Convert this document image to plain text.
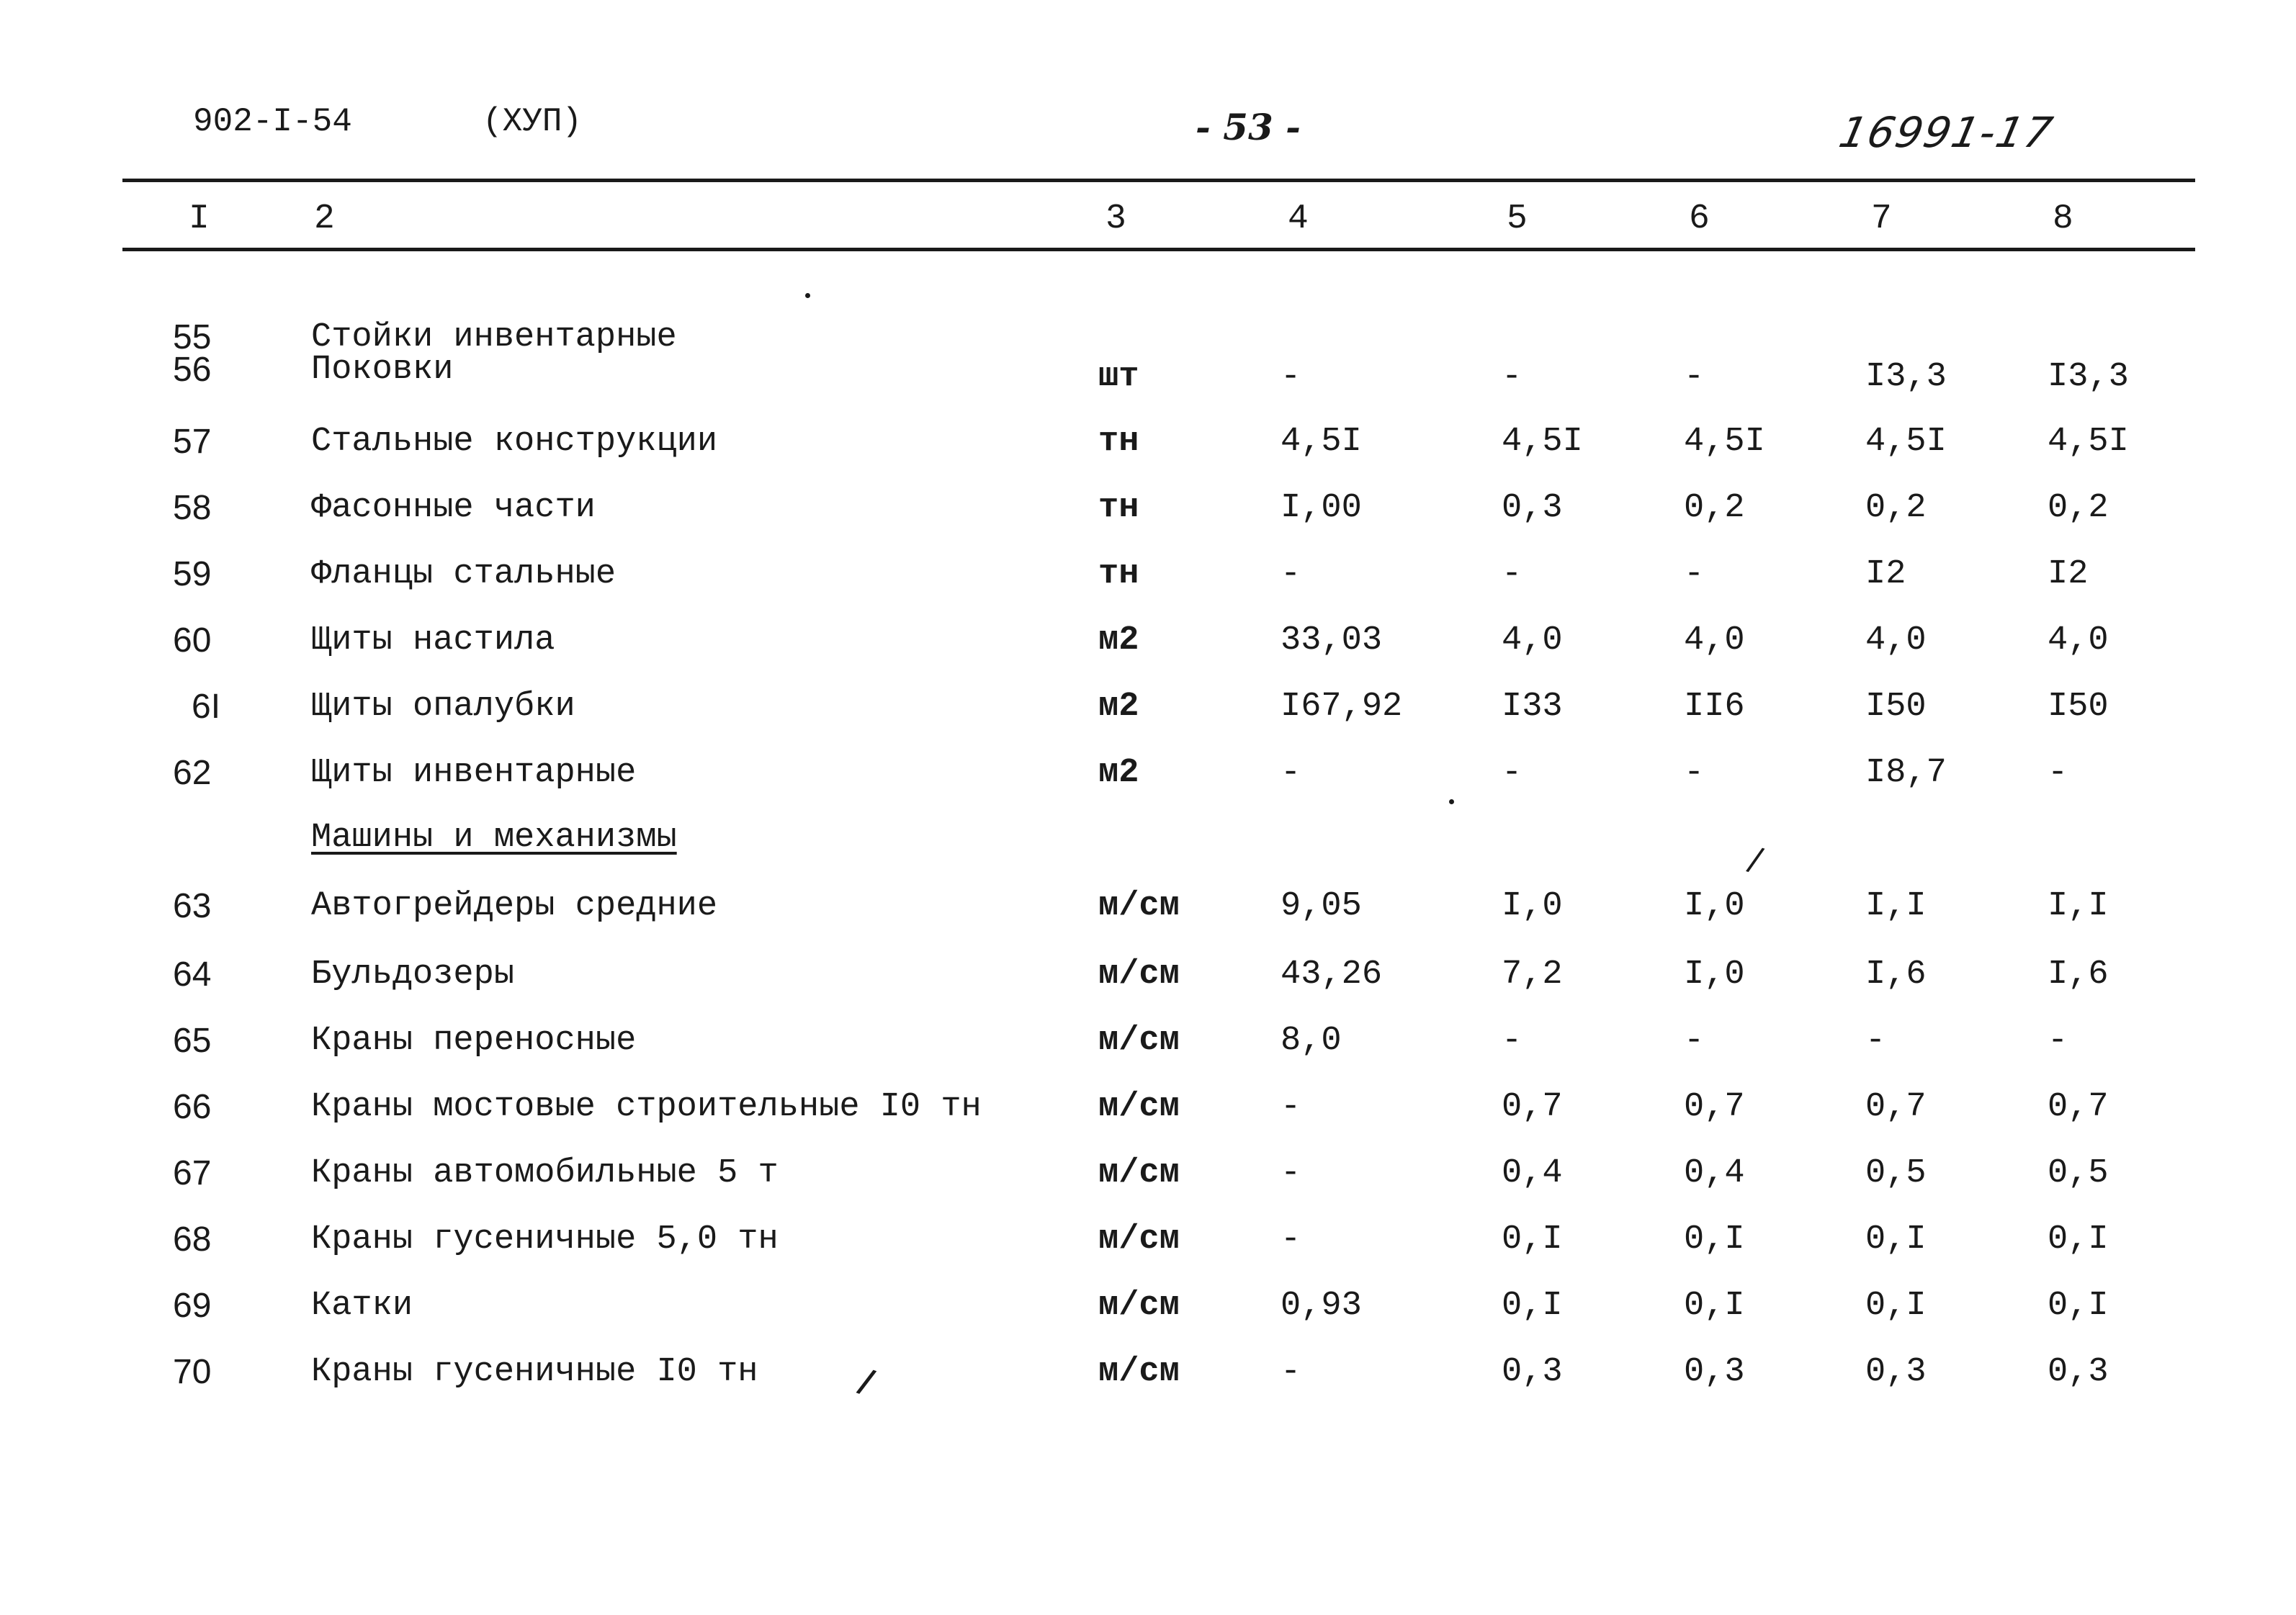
902-I-54	(ХУП)	- 53 -	16991-17
I	2	3	4	5	6	7	8
55	Стойки инвентарные
56	Поковки	шт	-	-	-	I3,3	I3,3
57	Стальные конструкции	тн	4,5I	4,5I	4,5I	4,5I	4,5I
58	Фасонные части	тн	I,00	0,3	0,2	0,2	0,2
59	Фланцы стальные	тн	-	-	-	I2	I2
60	Щиты настила	м2	33,03	4,0	4,0	4,0	4,0
6I	Щиты опалубки	м2	I67,92	I33	II6	I50	I50
62	Щиты инвентарные	м2	-	-	-	I8,7	-
Машины и механизмы
/
63	Автогрейдеры средние	м/см	9,05	I,0	I,0	I,I	I,I
64	Бульдозеры	м/см	43,26	7,2	I,0	I,6	I,6
65	Краны переносные	м/см	8,0	-	-	-	-
66	Краны мостовые строительные I0 тн	м/см	-	0,7	0,7	0,7	0,7
67	Краны автомобильные 5 т	м/см	-	0,4	0,4	0,5	0,5
68	Краны гусеничные 5,0 тн	м/см	-	0,I	0,I	0,I	0,I
69	Катки	м/см	0,93	0,I	0,I	0,I	0,I
70	Краны гусеничные I0 тн	м/см	-	0,3	0,3	0,3	0,3
/
